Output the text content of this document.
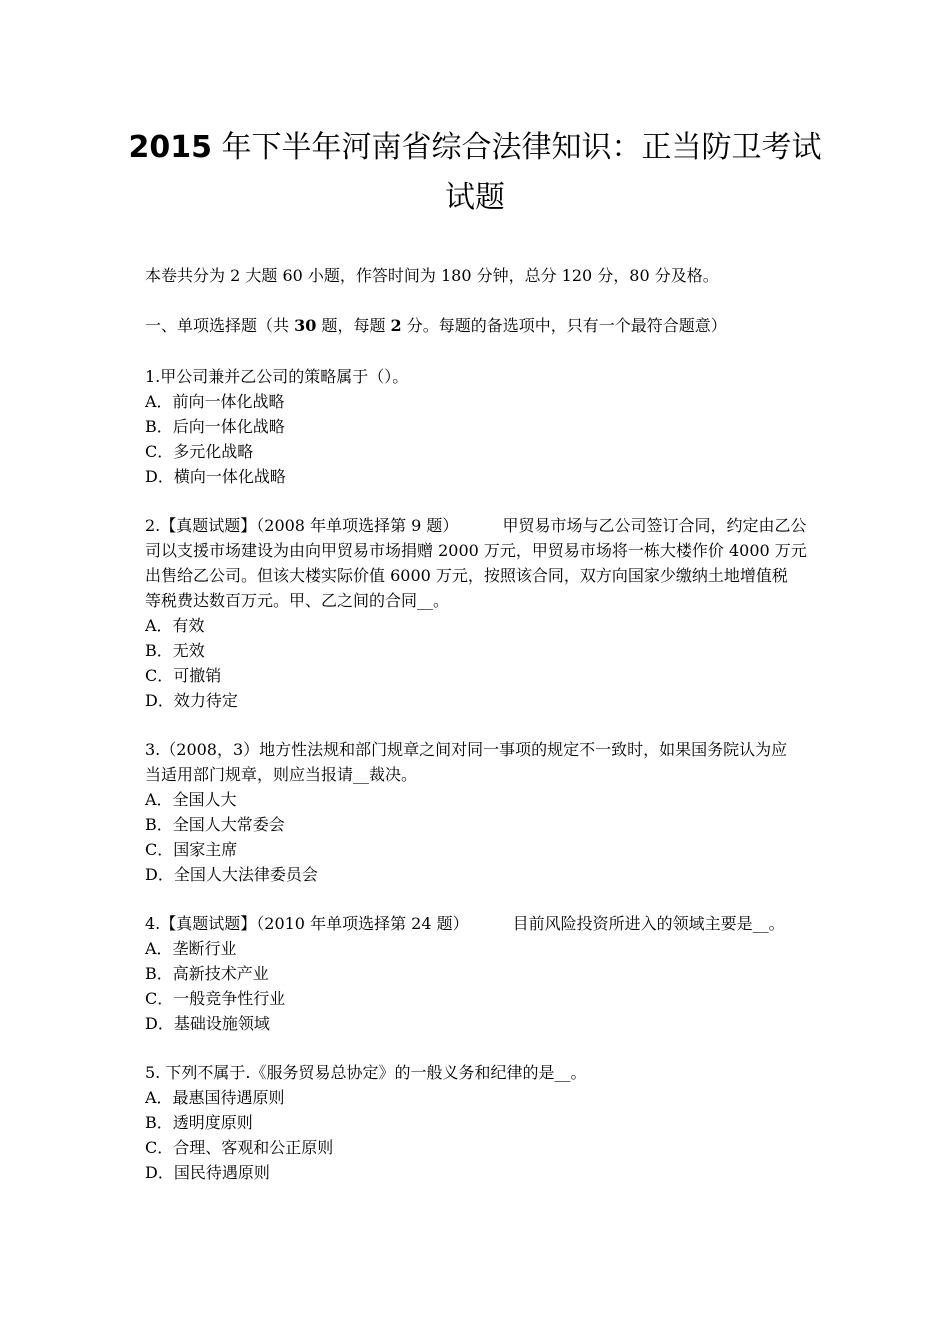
2015 年下半年河南省综合法律知识：正当防卫考试
试题
本卷共分为 2 大题 60 小题，作答时间为 180 分钟，总分 120 分，80 分及格。
一、单项选择题（共 30 题，每题 2 分。每题的备选项中，只有一个最符合题意）
1.甲公司兼并乙公司的策略属于（）。
A．前向一体化战略
B．后向一体化战略
C．多元化战略
D．横向一体化战略
2.【真题试题】（2008 年单项选择第 9 题）	甲贸易市场与乙公司签订合同，约定由乙公
司以支援市场建设为由向甲贸易市场捐赠 2000 万元，甲贸易市场将一栋大楼作价 4000 万元
出售给乙公司。但该大楼实际价值 6000 万元，按照该合同，双方向国家少缴纳土地增值税
等税费达数百万元。甲、乙之间的合同__。
A．有效
B．无效
C．可撤销
D．效力待定
3.（2008，3）地方性法规和部门规章之间对同一事项的规定不一致时，如果国务院认为应
当适用部门规章，则应当报请__裁决。
A．全国人大
B．全国人大常委会
C．国家主席
D．全国人大法律委员会
4.【真题试题】（2010 年单项选择第 24 题）	目前风险投资所进入的领域主要是__。
A．垄断行业
B．高新技术产业
C．一般竞争性行业
D．基础设施领域
5. 下列不属于.《服务贸易总协定》的一般义务和纪律的是__。
A．最惠国待遇原则
B．透明度原则
C．合理、客观和公正原则
D．国民待遇原则
